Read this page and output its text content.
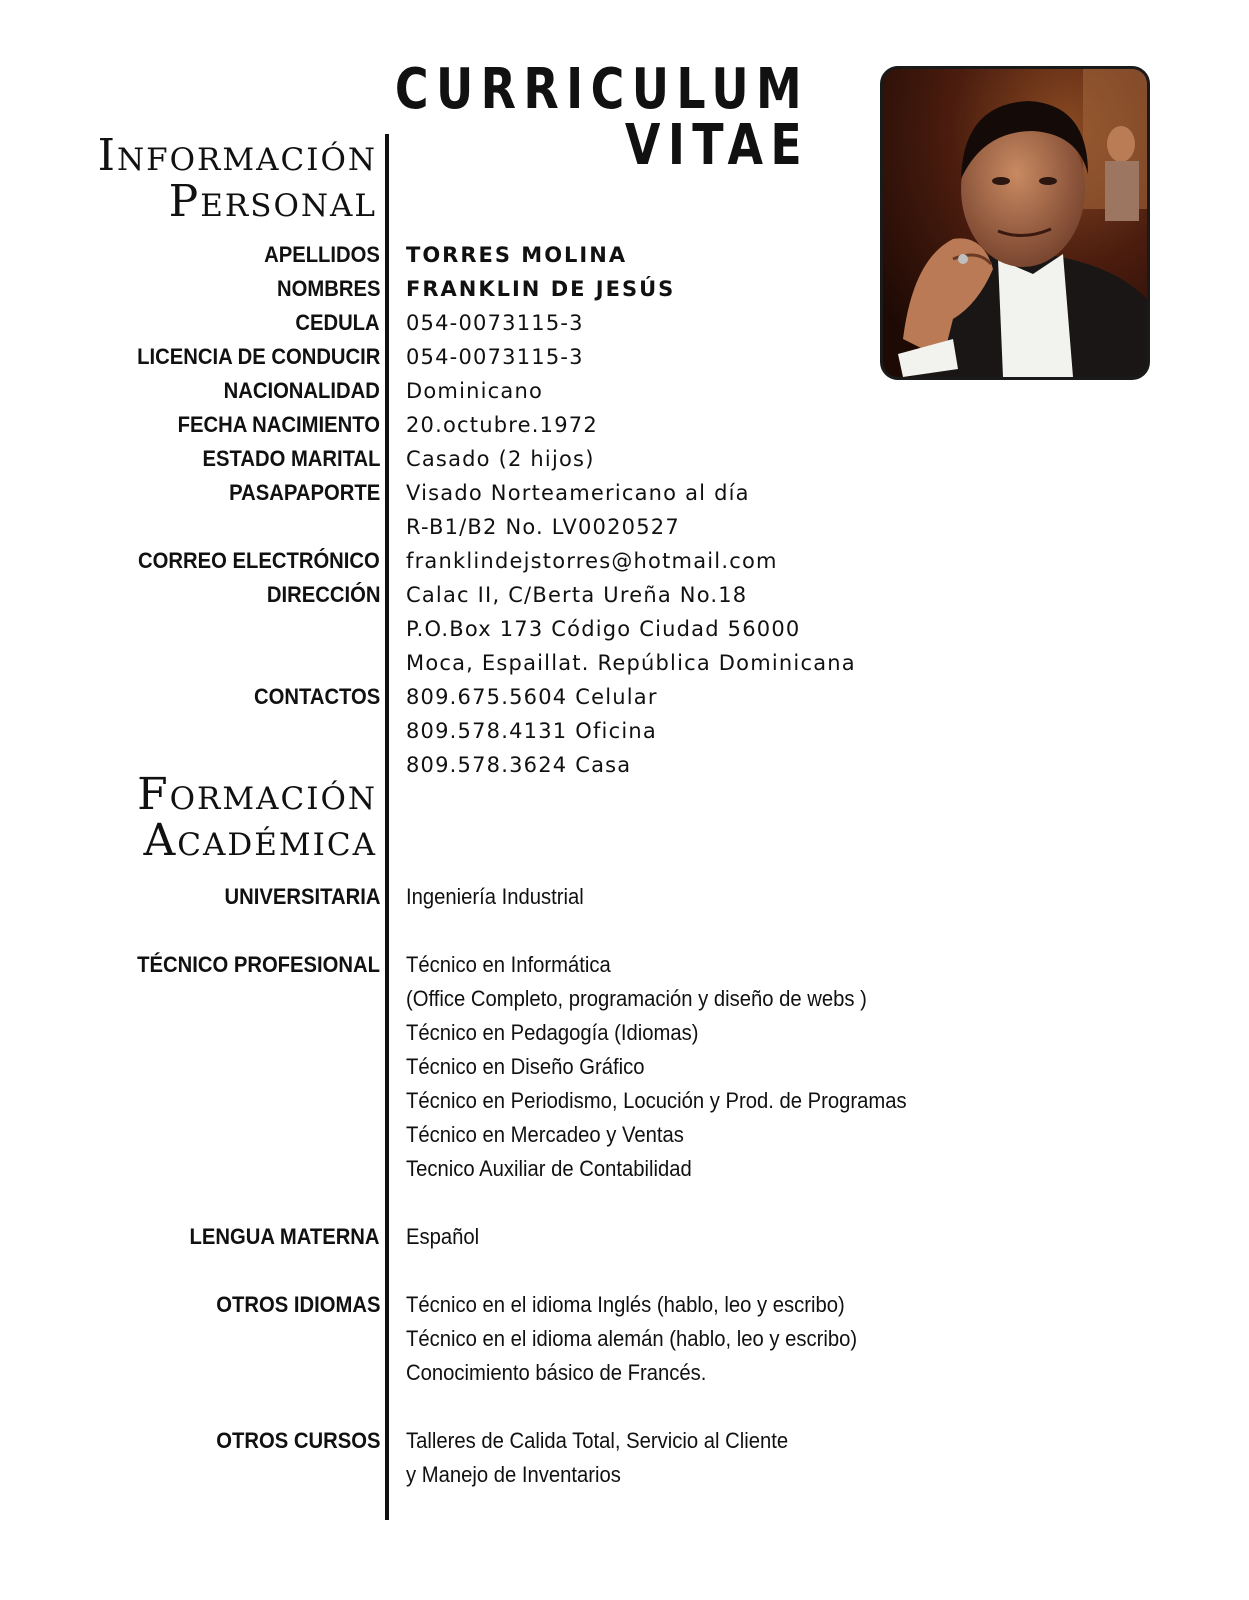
CURRICULUM
VITAE
Información
Personal
APELLIDOS TORRES MOLINA
NOMBRES FRANKLIN DE JESÚS
CEDULA 054-0073115-3
LICENCIA DE CONDUCIR 054-0073115-3
NACIONALIDAD Dominicano
FECHA NACIMIENTO 20.octubre.1972
ESTADO MARITAL Casado (2 hijos)
PASAPAPORTE Visado Norteamericano al día
R-B1/B2 No. LV0020527
CORREO ELECTRÓNICO franklindejstorres@hotmail.com
DIRECCIÓN Calac II, C/Berta Ureña No.18
P.O.Box 173 Código Ciudad 56000
Moca, Espaillat. República Dominicana
CONTACTOS 809.675.5604 Celular
809.578.4131 Oficina
809.578.3624 Casa
Formación
Académica
UNIVERSITARIA Ingeniería Industrial
TÉCNICO PROFESIONAL Técnico en Informática
(Office Completo, programación y diseño de webs )
Técnico en Pedagogía (Idiomas)
Técnico en Diseño Gráfico
Técnico en Periodismo, Locución y Prod. de Programas
Técnico en Mercadeo y Ventas
Tecnico Auxiliar de Contabilidad
LENGUA MATERNA Español
OTROS IDIOMAS Técnico en el idioma Inglés (hablo, leo y escribo)
Técnico en el idioma alemán (hablo, leo y escribo)
Conocimiento básico de Francés.
OTROS CURSOS Talleres de Calida Total, Servicio al Cliente
y Manejo de Inventarios
